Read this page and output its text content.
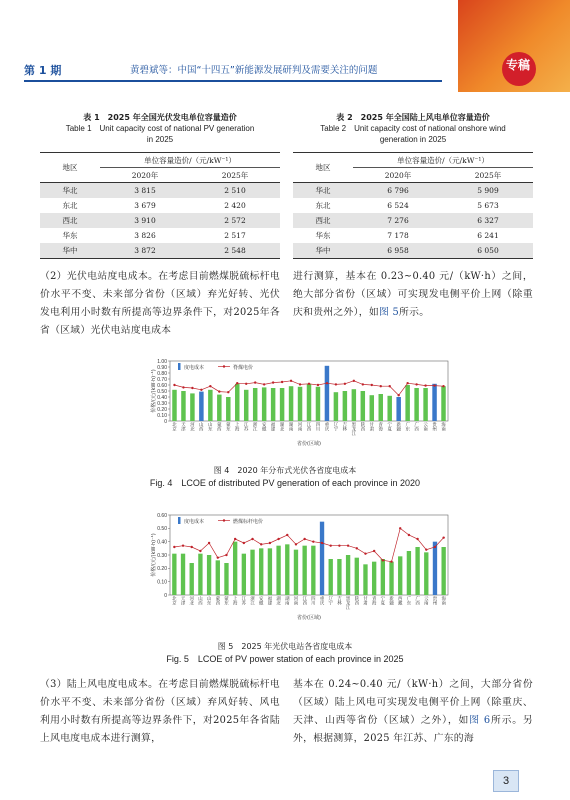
第 1 期	黄碧斌等：中国“十四五”新能源发展研判及需要关注的问题	专稿
表 1　2025 年全国光伏发电单位容量造价
Table 1　Unit capacity cost of national PV generation
in 2025
地区	单位容量造价/（元/kW⁻¹）	
	2020年	2025年
华北	3 815	2 510
东北	3 679	2 420
西北	3 910	2 572
华东	3 826	2 517
华中	3 872	2 548
表 2　2025 年全国陆上风电单位容量造价
Table 2　Unit capacity cost of national onshore wind
generation in 2025
地区	单位容量造价/（元/kW⁻¹）	
	2020年	2025年
华北	6 796	5 909
东北	6 524	5 673
西北	7 276	6 327
华东	7 178	6 241
华中	6 958	6 050
（2）光伏电站度电成本。在考虑目前燃煤脱硫标杆电价水平不变、未来部分省份（区域）弃光好转、光伏发电利用小时数有所提高等边界条件下，对2025年各省（区域）光伏电站度电成本
进行测算，基本在 0.23~0.40 元/（kW·h）之间，绝大部分省份（区域）可实现发电侧平价上网（除重庆和贵州之外），如图 5所示。
0
0.10
0.20
0.30
0.40
0.50
0.60
0.70
0.80
0.90
1.00
价格/(元/(kW·h)⁻¹)
北京
天津
河北
山西
山东
蒙西
蒙东
上海
江苏
浙江
安徽
福建
湖北
湖南
河南
江西
四川
重庆
辽宁
吉林
黑龙江
陕西
甘肃
青海
宁夏
新疆
广东
广西
云南
贵州
海南
省份(区域)
度电成本	脊煤电价
图 4　2020 年分布式光伏各省度电成本
Fig. 4　LCOE of distributed PV generation of each province in 2020
0
0.10
0.20
0.30
0.40
0.50
0.60
价格/(元/(kW·h)⁻¹)
北京
天津
河北
山西
山东
蒙西
蒙东
上海
江苏
浙江
安徽
福建
湖北
湖南
河南
江西
四川
重庆
辽宁
吉林
黑龙江
陕西
甘肃
青海
宁夏
新疆
西藏
广东
广西
云南
贵州
海南
省份(区域)
度电成本	燃煤标杆电价
图 5　2025 年光伏电站各省度电成本
Fig. 5　LCOE of PV power station of each province in 2025
（3）陆上风电度电成本。在考虑目前燃煤脱硫标杆电价水平不变、未来部分省份（区域）弃风好转、风电利用小时数有所提高等边界条件下，对2025年各省陆上风电度电成本进行测算，
基本在 0.24~0.40 元/（kW·h）之间，大部分省份（区域）陆上风电可实现发电侧平价上网（除重庆、天津、山西等省份（区域）之外），如图 6所示。另外，根据测算，2025 年江苏、广东的海
3
